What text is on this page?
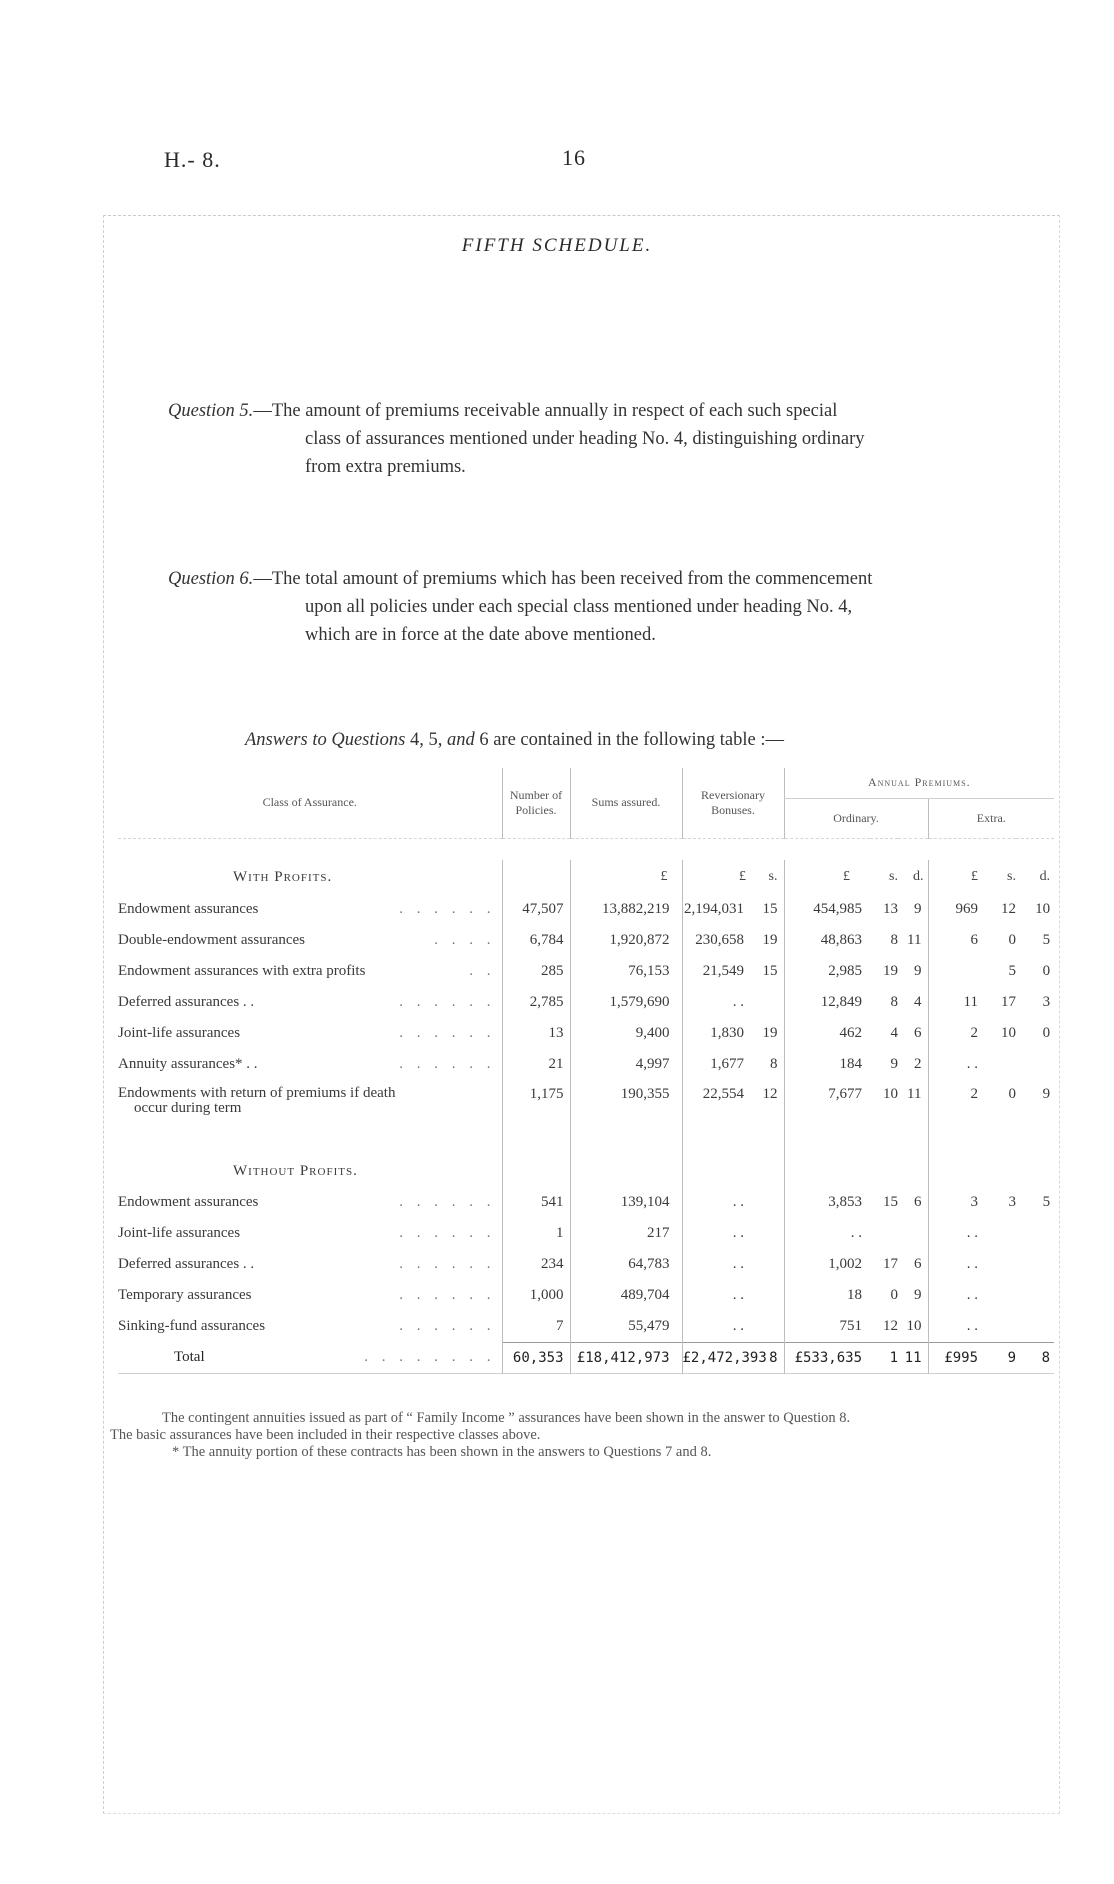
H.- 8.	16
FIFTH SCHEDULE.
Question 5.—The amount of premiums receivable annually in respect of each such special
class of assurances mentioned under heading No. 4, distinguishing ordinary
from extra premiums.
Question 6.—The total amount of premiums which has been received from the commencement
upon all policies under each special class mentioned under heading No. 4,
which are in force at the date above mentioned.
Answers to Questions 4, 5, and 6 are contained in the following table :—
Class of Assurance.	Number of Policies.	Sums assured.	Reversionary Bonuses.		Annual Premiums.					
					Ordinary.			Extra.		

With Profits.		£	£	s.	£	s.	d.	£	s.	d.

. . . . . .
Endowment assurances	47,507	13,882,219	2,194,031	15	454,985	13	9	969	12	10

. . . .
Double-endowment assurances	6,784	1,920,872	230,658	19	48,863	8	11	6	0	5

. .
Endowment assurances with extra profits	285	76,153	21,549	15	2,985	19	9		5	0

. . . . . .
Deferred assurances . .	2,785	1,579,690	. .		12,849	8	4	11	17	3

. . . . . .
Joint-life assurances	13	9,400	1,830	19	462	4	6	2	10	0

. . . . . .
Annuity assurances* . .	21	4,997	1,677	8	184	9	2	. .		

Endowments with return of premiums if death
occur during term	1,175	190,355	22,554	12	7,677	10	11	2	0	9

Without Profits.										

. . . . . .
Endowment assurances	541	139,104	. .		3,853	15	6	3	3	5

. . . . . .
Joint-life assurances	1	217	. .		. .			. .		

. . . . . .
Deferred assurances . .	234	64,783	. .		1,002	17	6	. .		

. . . . . .
Temporary assurances	1,000	489,704	. .		18	0	9	. .		

. . . . . .
Sinking-fund assurances	7	55,479	. .		751	12	10	. .		

. . . . . . . .
Total	60,353	£18,412,973	£2,472,393	8	£533,635	1	11	£995	9	8

The contingent annuities issued as part of “ Family Income ” assurances have been shown in the answer to Question 8.
The basic assurances have been included in their respective classes above.
* The annuity portion of these contracts has been shown in the answers to Questions 7 and 8.
